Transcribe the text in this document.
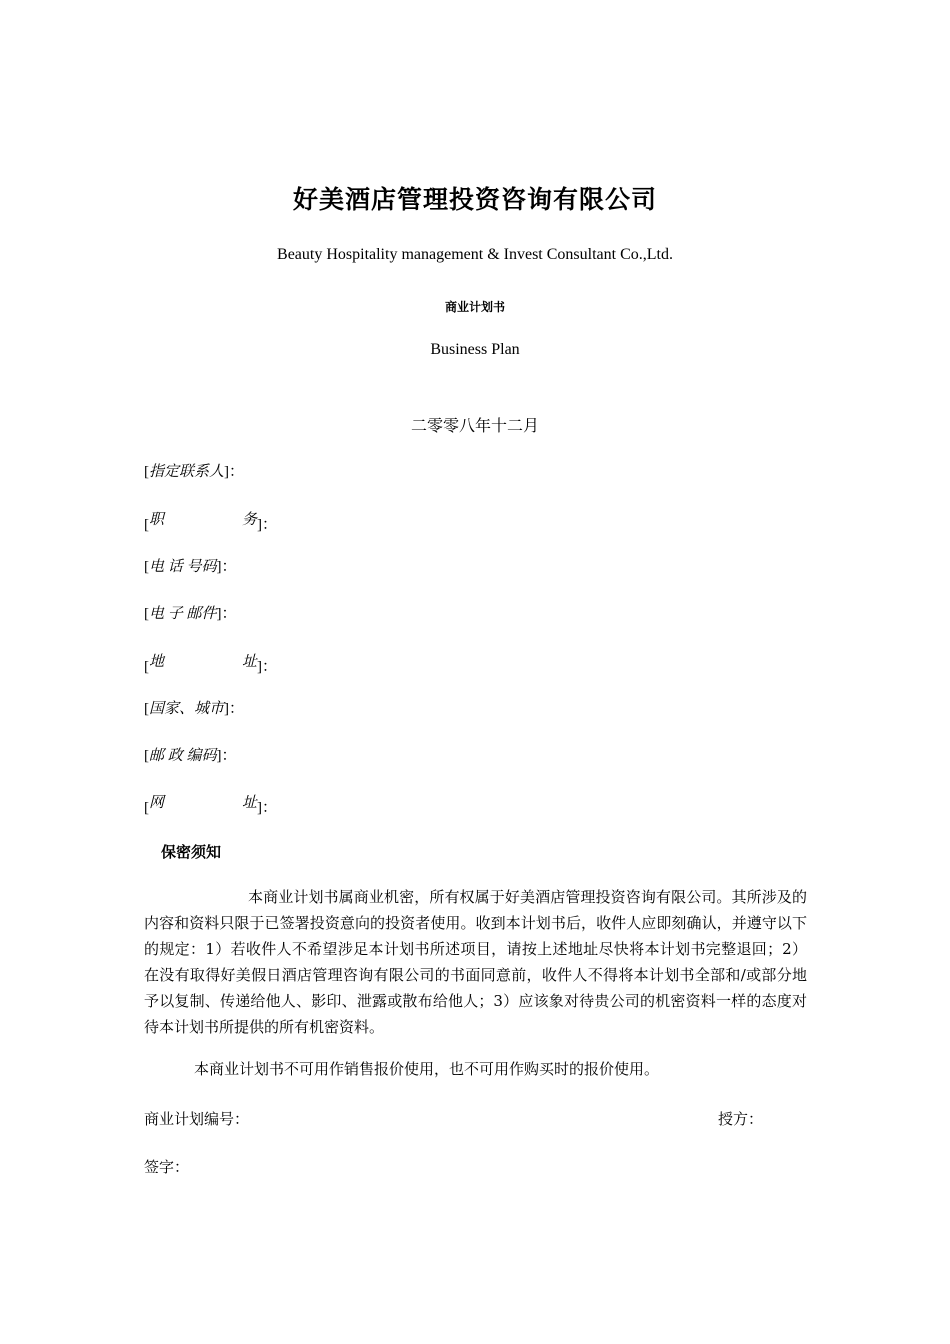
好美酒店管理投资咨询有限公司
Beauty Hospitality management & Invest Consultant Co.,Ltd.
商业计划书
Business Plan
二零零八年十二月
[指定联系人]：
[ 职	务 ]：
[电 话 号码]：
[电 子 邮件]：
[ 地	址 ]：
[国家、城市]：
[邮 政 编码]：
[ 网	址 ]：
保密须知
本商业计划书属商业机密，所有权属于好美酒店管理投资咨询有限公司。其所涉及的内容和资料只限于已签署投资意向的投资者使用。收到本计划书后，收件人应即刻确认，并遵守以下的规定：1）若收件人不希望涉足本计划书所述项目，请按上述地址尽快将本计划书完整退回；2）在没有取得好美假日酒店管理咨询有限公司的书面同意前，收件人不得将本计划书全部和/或部分地予以复制、传递给他人、影印、泄露或散布给他人；3）应该象对待贵公司的机密资料一样的态度对待本计划书所提供的所有机密资料。
本商业计划书不可用作销售报价使用，也不可用作购买时的报价使用。
商业计划编号：	授方：
签字：
